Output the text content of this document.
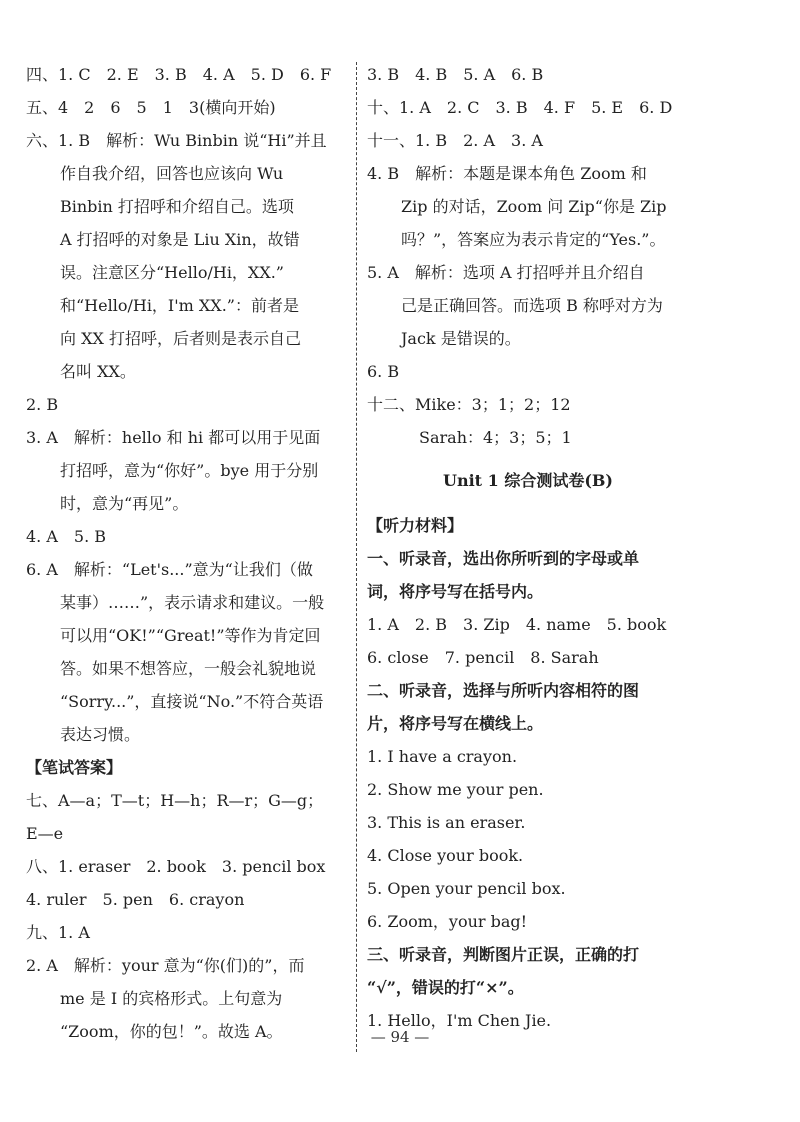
四、1. C　2. E　3. B　4. A　5. D　6. F
五、4　2　6　5　1　3(横向开始)
六、1. B　解析：Wu Binbin 说“Hi”并且
作自我介绍，回答也应该向 Wu
Binbin 打招呼和介绍自己。选项
A 打招呼的对象是 Liu Xin，故错
误。注意区分“Hello/Hi，XX.”
和“Hello/Hi，I'm XX.”：前者是
向 XX 打招呼，后者则是表示自己
名叫 XX。
2. B
3. A　解析：hello 和 hi 都可以用于见面
打招呼，意为“你好”。bye 用于分别
时，意为“再见”。
4. A　5. B
6. A　解析：“Let's...”意为“让我们（做
某事）……”，表示请求和建议。一般
可以用“OK!”“Great!”等作为肯定回
答。如果不想答应，一般会礼貌地说
“Sorry...”，直接说“No.”不符合英语
表达习惯。
【笔试答案】
七、A—a；T—t；H—h；R—r；G—g；
E—e
八、1. eraser　2. book　3. pencil box
4. ruler　5. pen　6. crayon
九、1. A
2. A　解析：your 意为“你(们)的”，而
me 是 I 的宾格形式。上句意为
“Zoom，你的包！”。故选 A。
3. B　4. B　5. A　6. B
十、1. A　2. C　3. B　4. F　5. E　6. D
十一、1. B　2. A　3. A
4. B　解析：本题是课本角色 Zoom 和
Zip 的对话，Zoom 问 Zip“你是 Zip
吗？”，答案应为表示肯定的“Yes.”。
5. A　解析：选项 A 打招呼并且介绍自
己是正确回答。而选项 B 称呼对方为
Jack 是错误的。
6. B
十二、Mike：3；1；2；12
Sarah：4；3；5；1
Unit 1 综合测试卷(B)
【听力材料】
一、听录音，选出你所听到的字母或单
词，将序号写在括号内。
1. A　2. B　3. Zip　4. name　5. book
6. close　7. pencil　8. Sarah
二、听录音，选择与所听内容相符的图
片，将序号写在横线上。
1. I have a crayon.
2. Show me your pen.
3. This is an eraser.
4. Close your book.
5. Open your pencil box.
6. Zoom，your bag!
三、听录音，判断图片正误，正确的打
“√”，错误的打“×”。
1. Hello，I'm Chen Jie.
— 94 —
